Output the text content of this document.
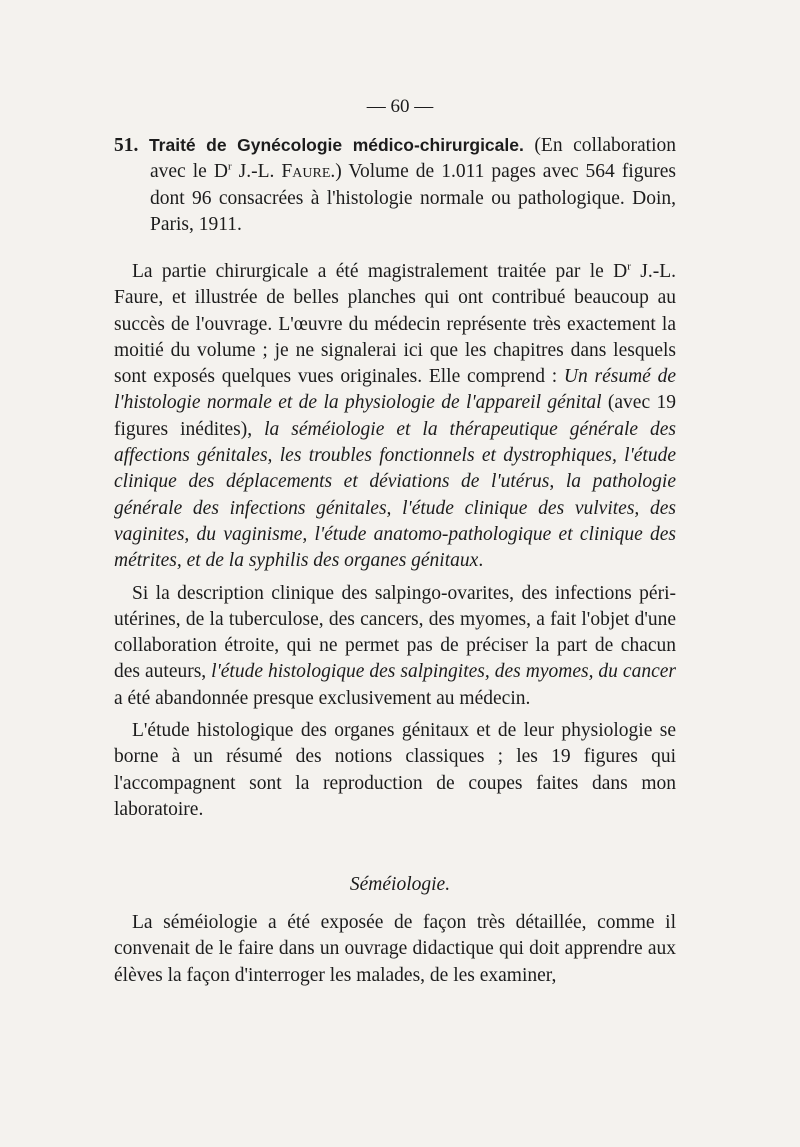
— 60 —

51. Traité de Gynécologie médico-chirurgicale. (En collaboration avec le $D^r$ J.-L. Faure.) Volume de 1.011 pages avec 564 figures dont 96 consacrées à l'histologie normale ou pathologique. Doin, Paris, 1911.

La partie chirurgicale a été magistralement traitée par le $D^r$ J.-L. Faure, et illustrée de belles planches qui ont contribué beaucoup au succès de l'ouvrage. L'œuvre du médecin représente très exactement la moitié du volume ; je ne signalerai ici que les chapitres dans lesquels sont exposés quelques vues originales. Elle comprend : Un résumé de l'histologie normale et de la physiologie de l'appareil génital (avec 19 figures inédites), la séméiologie et la thérapeutique générale des affections génitales, les troubles fonctionnels et dystrophiques, l'étude clinique des déplacements et déviations de l'utérus, la pathologie générale des infections génitales, l'étude clinique des vulvites, des vaginites, du vaginisme, l'étude anatomo-pathologique et clinique des métrites, et de la syphilis des organes génitaux.

Si la description clinique des salpingo-ovarites, des infections péri-utérines, de la tuberculose, des cancers, des myomes, a fait l'objet d'une collaboration étroite, qui ne permet pas de préciser la part de chacun des auteurs, l'étude histologique des salpingites, des myomes, du cancer a été abandonnée presque exclusivement au médecin.

L'étude histologique des organes génitaux et de leur physiologie se borne à un résumé des notions classiques ; les 19 figures qui l'accompagnent sont la reproduction de coupes faites dans mon laboratoire.

Séméiologie.

La séméiologie a été exposée de façon très détaillée, comme il convenait de le faire dans un ouvrage didactique qui doit apprendre aux élèves la façon d'interroger les malades, de les examiner,
